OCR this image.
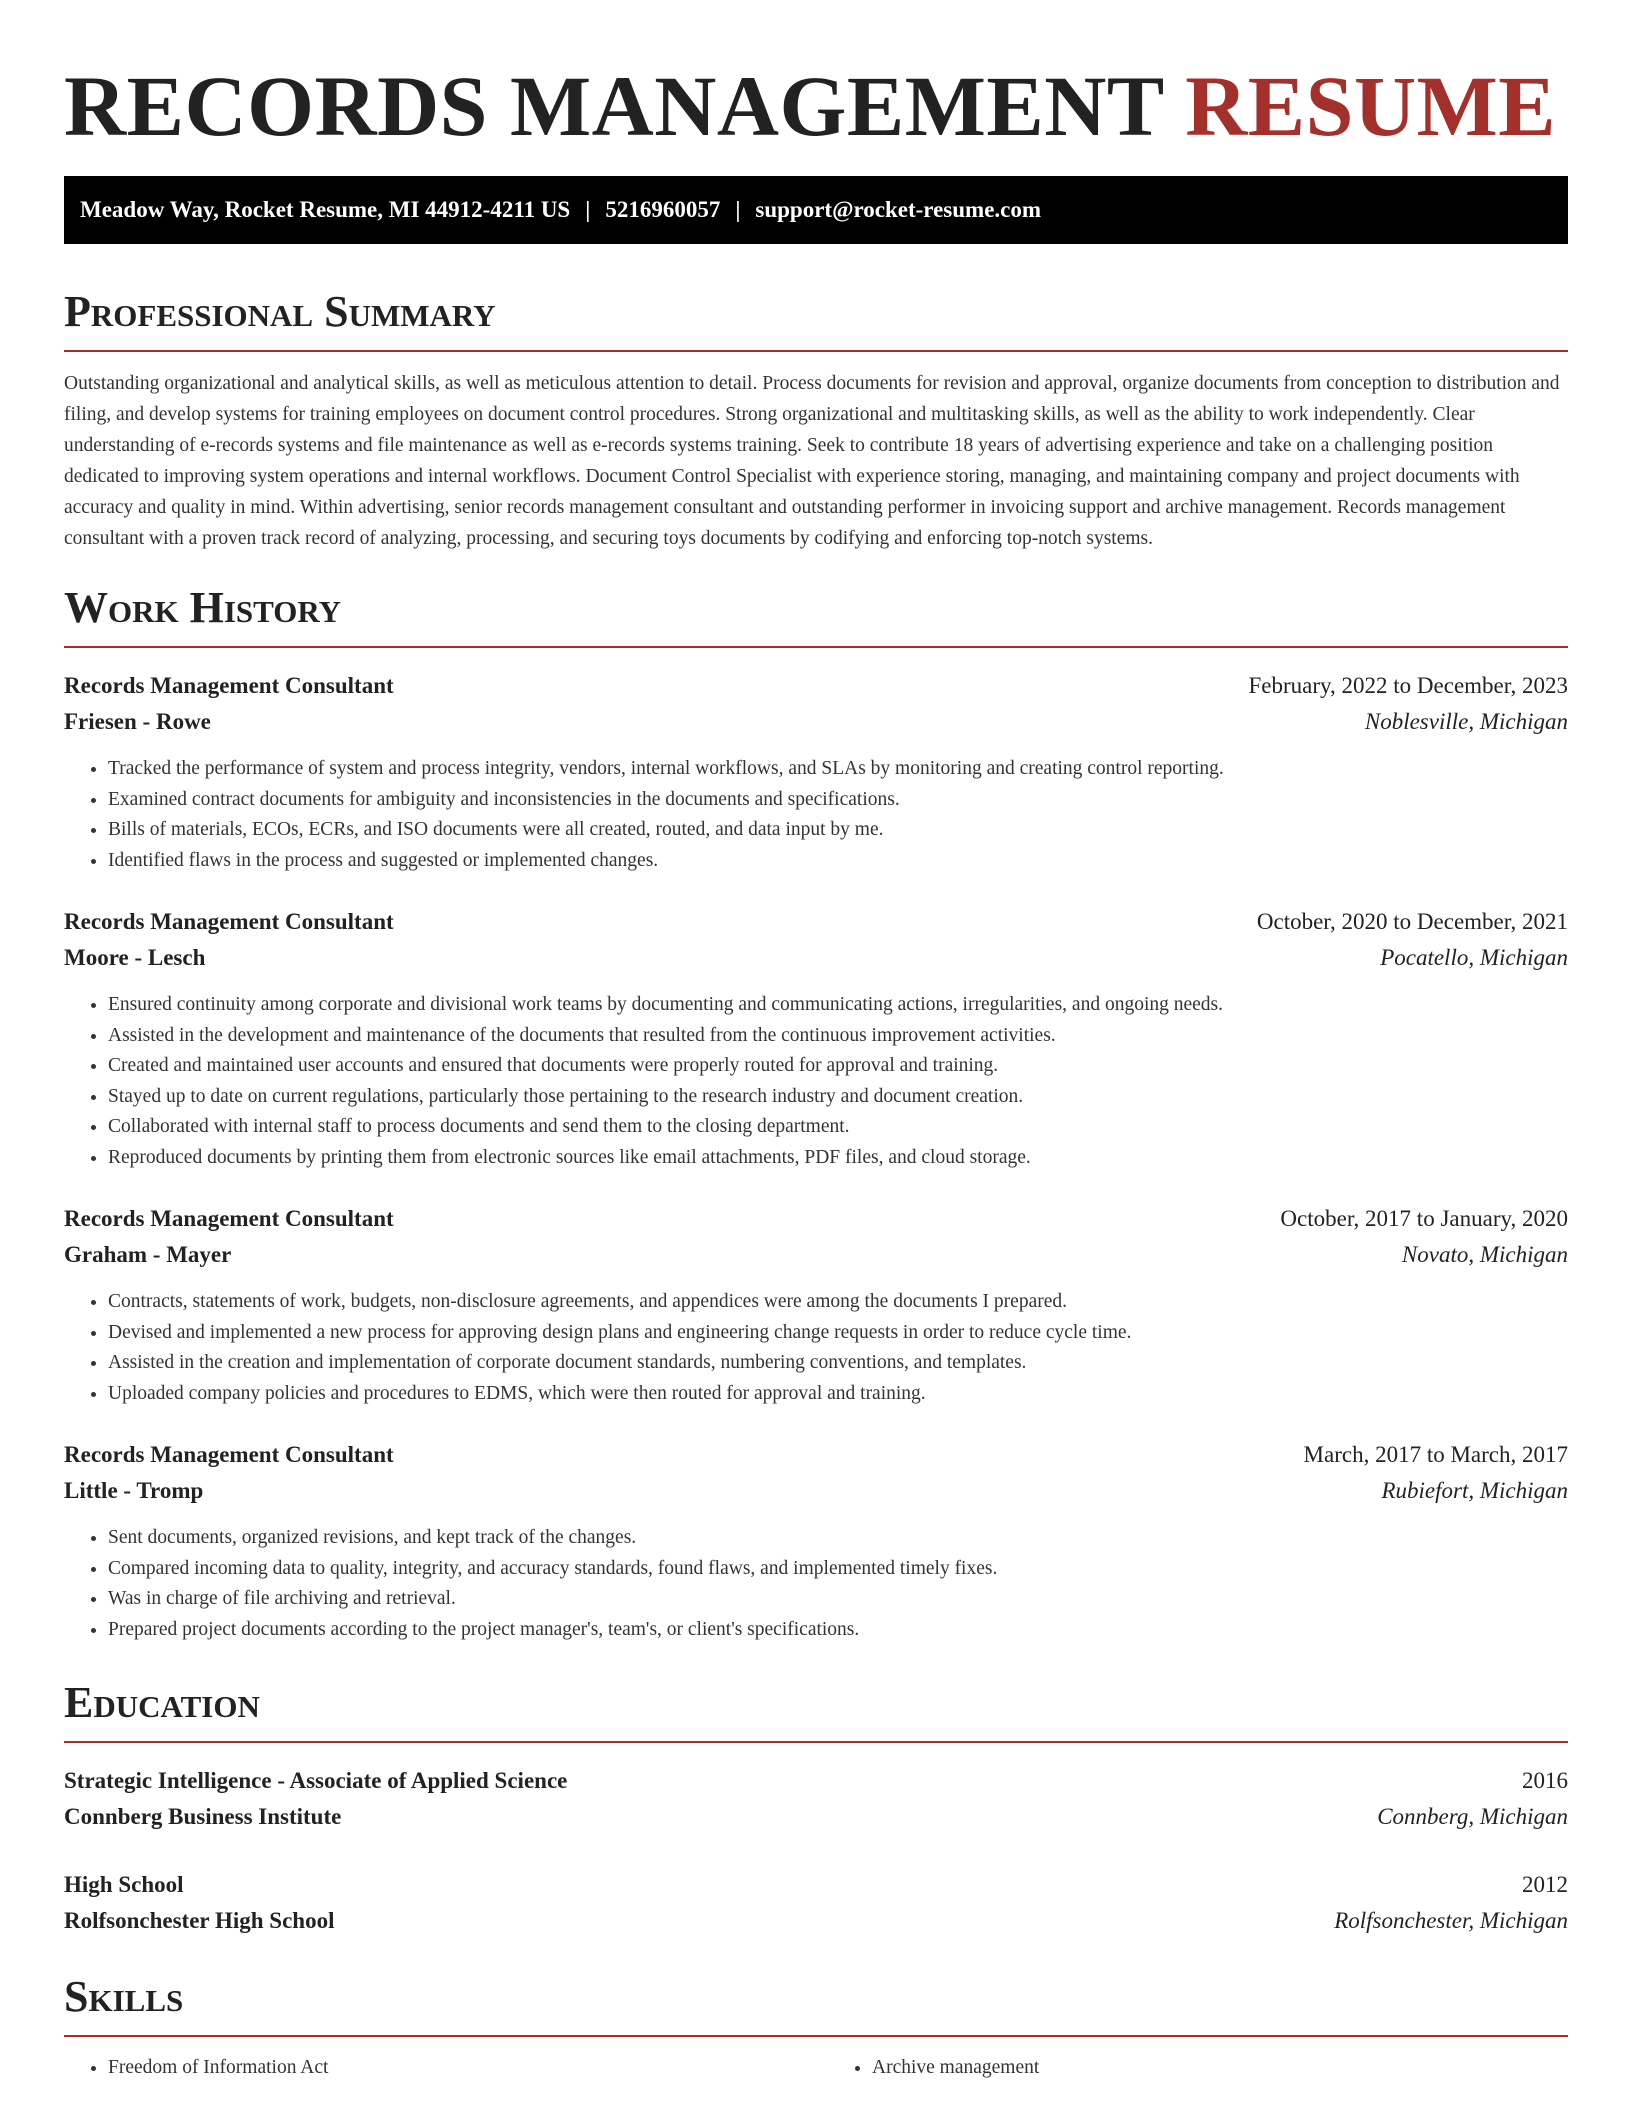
RECORDS MANAGEMENT RESUME
Meadow Way, Rocket Resume, MI 44912-4211 US | 5216960057 | support@rocket-resume.com
Professional Summary

Outstanding organizational and analytical skills, as well as meticulous attention to detail. Process documents for revision and approval, organize documents from conception to distribution and filing, and develop systems for training employees on document control procedures. Strong organizational and multitasking skills, as well as the ability to work independently. Clear understanding of e-records systems and file maintenance as well as e-records systems training. Seek to contribute 18 years of advertising experience and take on a challenging position dedicated to improving system operations and internal workflows. Document Control Specialist with experience storing, managing, and maintaining company and project documents with accuracy and quality in mind. Within advertising, senior records management consultant and outstanding performer in invoicing support and archive management. Records management consultant with a proven track record of analyzing, processing, and securing toys documents by codifying and enforcing top-notch systems.

Work History
Records Management Consultant	February, 2022 to December, 2023
Friesen - Rowe	Noblesville, Michigan
• Tracked the performance of system and process integrity, vendors, internal workflows, and SLAs by monitoring and creating control reporting.
• Examined contract documents for ambiguity and inconsistencies in the documents and specifications.
• Bills of materials, ECOs, ECRs, and ISO documents were all created, routed, and data input by me.
• Identified flaws in the process and suggested or implemented changes.
Records Management Consultant	October, 2020 to December, 2021
Moore - Lesch	Pocatello, Michigan
• Ensured continuity among corporate and divisional work teams by documenting and communicating actions, irregularities, and ongoing needs.
• Assisted in the development and maintenance of the documents that resulted from the continuous improvement activities.
• Created and maintained user accounts and ensured that documents were properly routed for approval and training.
• Stayed up to date on current regulations, particularly those pertaining to the research industry and document creation.
• Collaborated with internal staff to process documents and send them to the closing department.
• Reproduced documents by printing them from electronic sources like email attachments, PDF files, and cloud storage.
Records Management Consultant	October, 2017 to January, 2020
Graham - Mayer	Novato, Michigan
• Contracts, statements of work, budgets, non-disclosure agreements, and appendices were among the documents I prepared.
• Devised and implemented a new process for approving design plans and engineering change requests in order to reduce cycle time.
• Assisted in the creation and implementation of corporate document standards, numbering conventions, and templates.
• Uploaded company policies and procedures to EDMS, which were then routed for approval and training.
Records Management Consultant	March, 2017 to March, 2017
Little - Tromp	Rubiefort, Michigan
• Sent documents, organized revisions, and kept track of the changes.
• Compared incoming data to quality, integrity, and accuracy standards, found flaws, and implemented timely fixes.
• Was in charge of file archiving and retrieval.
• Prepared project documents according to the project manager's, team's, or client's specifications.
Education
Strategic Intelligence - Associate of Applied Science	2016
Connberg Business Institute	Connberg, Michigan
High School	2012
Rolfsonchester High School	Rolfsonchester, Michigan
Skills
• Freedom of Information Act
•	Archive management
